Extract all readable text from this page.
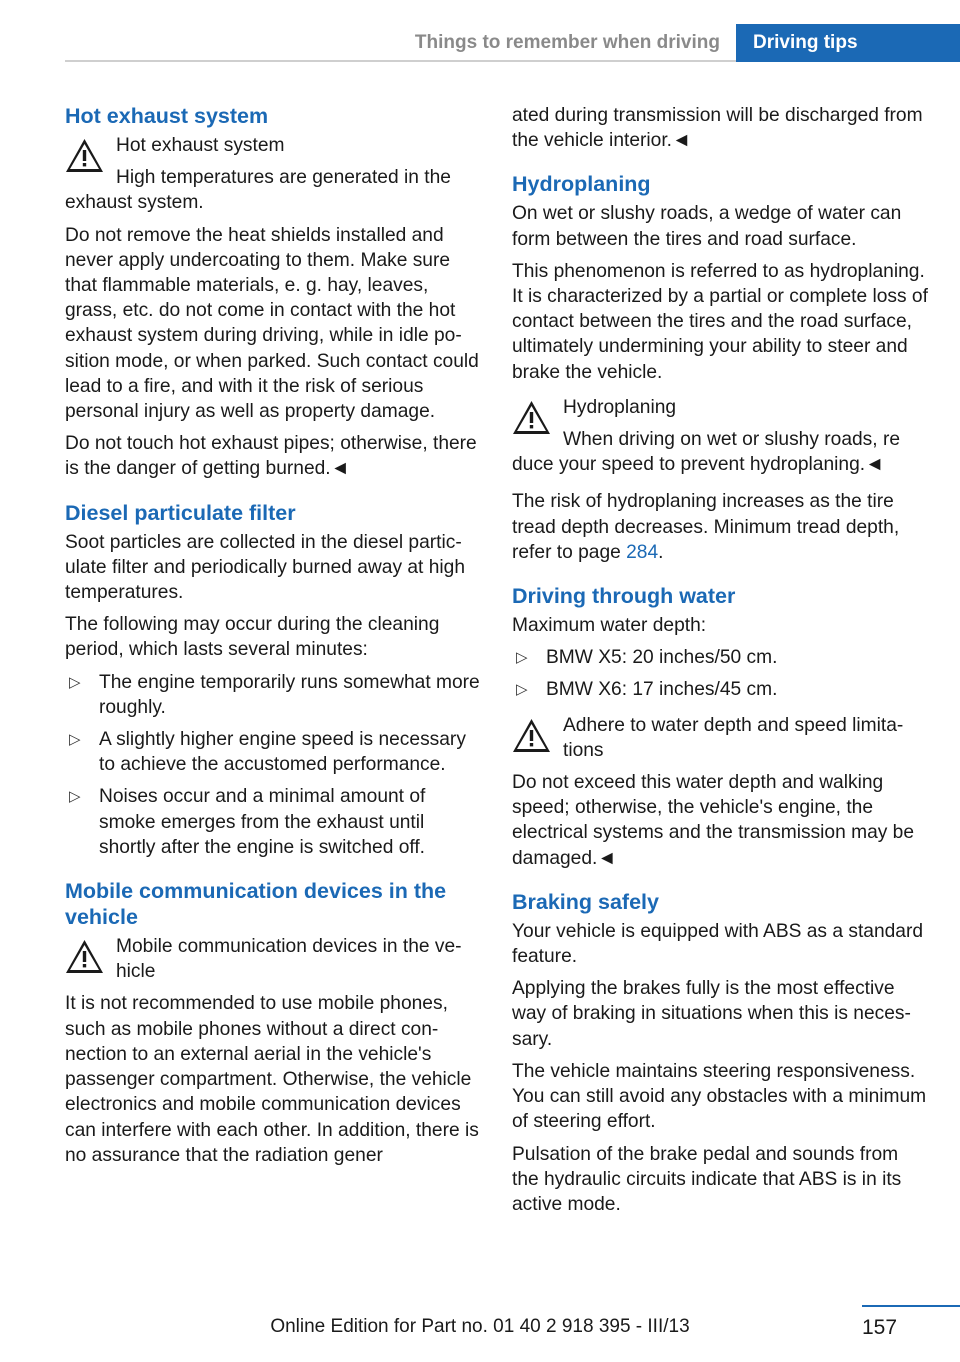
Things to remember when driving	Driving tips
Hot exhaust system
Hot exhaust system
High temperatures are generated in the
exhaust system.

Do not remove the heat shields installed and never apply undercoating to them. Make sure that flammable materials, e. g. hay, leaves, grass, etc. do not come in contact with the hot exhaust system during driving, while in idle position mode, or when parked. Such contact could lead to a fire, and with it the risk of serious personal injury as well as property damage.

Do not touch hot exhaust pipes; otherwise, there is the danger of getting burned.◄

Diesel particulate filter

Soot particles are collected in the diesel particulate filter and periodically burned away at high temperatures.

The following may occur during the cleaning period, which lasts several minutes:

▷ The engine temporarily runs somewhat more roughly.
▷ A slightly higher engine speed is necessary to achieve the accustomed performance.
▷ Noises occur and a minimal amount of smoke emerges from the exhaust until shortly after the engine is switched off.
Mobile communication devices in the vehicle
Mobile communication devices in the vehicle

It is not recommended to use mobile phones, such as mobile phones without a direct connection to an external aerial in the vehicle's passenger compartment. Otherwise, the vehicle electronics and mobile communication devices can interfere with each other. In addition, there is no assurance that the radiation gener

ated during transmission will be discharged from the vehicle interior.◄

Hydroplaning

On wet or slushy roads, a wedge of water can form between the tires and road surface.

This phenomenon is referred to as hydroplaning. It is characterized by a partial or complete loss of contact between the tires and the road surface, ultimately undermining your ability to steer and brake the vehicle.

Hydroplaning
When driving on wet or slushy roads, re
duce your speed to prevent hydroplaning.◄

The risk of hydroplaning increases as the tire tread depth decreases. Minimum tread depth, refer to page 284.

Driving through water

Maximum water depth:

▷ BMW X5: 20 inches/50 cm.
▷ BMW X6: 17 inches/45 cm.
Adhere to water depth and speed limitations

Do not exceed this water depth and walking speed; otherwise, the vehicle's engine, the electrical systems and the transmission may be damaged.◄

Braking safely

Your vehicle is equipped with ABS as a standard feature.

Applying the brakes fully is the most effective way of braking in situations when this is necessary.

The vehicle maintains steering responsiveness. You can still avoid any obstacles with a minimum of steering effort.

Pulsation of the brake pedal and sounds from the hydraulic circuits indicate that ABS is in its active mode.

157
Online Edition for Part no. 01 40 2 918 395 - III/13
